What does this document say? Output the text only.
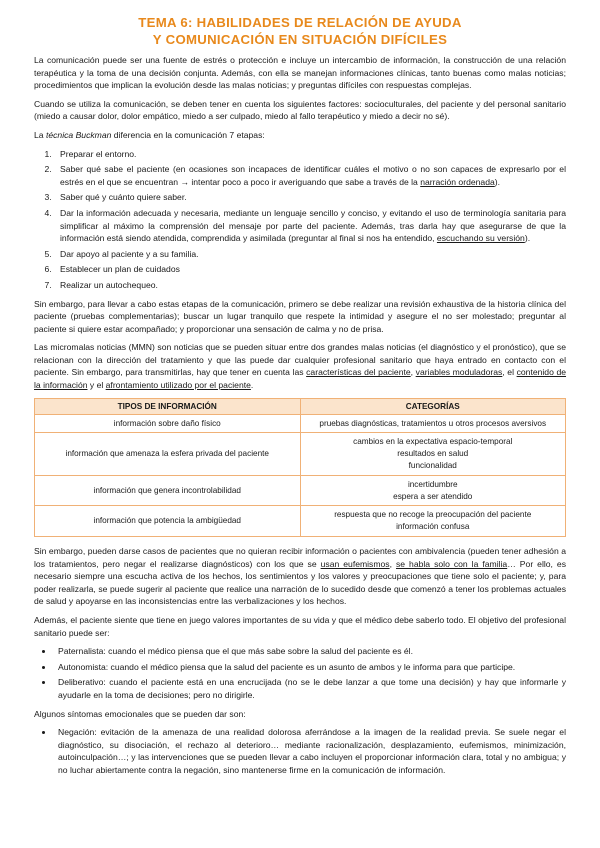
TEMA 6: HABILIDADES DE RELACIÓN DE AYUDA
Y COMUNICACIÓN EN SITUACIÓN DIFÍCILES

La comunicación puede ser una fuente de estrés o protección e incluye un intercambio de información, la construcción de una relación terapéutica y la toma de una decisión conjunta. Además, con ella se manejan informaciones clínicas, tanto buenas como malas noticias; procedimientos que implican la evolución desde las malas noticias; y preguntas difíciles con respuestas complejas.

Cuando se utiliza la comunicación, se deben tener en cuenta los siguientes factores: socioculturales, del paciente y del personal sanitario (miedo a causar dolor, dolor empático, miedo a ser culpado, miedo al fallo terapéutico y miedo a decir no sé).

La técnica Buckman diferencia en la comunicación 7 etapas:

1. Preparar el entorno.
2. Saber qué sabe el paciente (en ocasiones son incapaces de identificar cuáles el motivo o no son capaces de expresarlo por el estrés en el que se encuentran → intentar poco a poco ir averiguando que sabe a través de la narración ordenada).
3. Saber qué y cuánto quiere saber.
4. Dar la información adecuada y necesaria, mediante un lenguaje sencillo y conciso, y evitando el uso de terminología sanitaria para simplificar al máximo la comprensión del mensaje por parte del paciente. Además, tras darla hay que asegurarse de que la información está siendo atendida, comprendida y asimilada (preguntar al final si nos ha entendido, escuchando su versión).
5. Dar apoyo al paciente y a su familia.
6. Establecer un plan de cuidados
7. Realizar un autochequeo.

Sin embargo, para llevar a cabo estas etapas de la comunicación, primero se debe realizar una revisión exhaustiva de la historia clínica del paciente (pruebas complementarias); buscar un lugar tranquilo que respete la intimidad y asegure el no ser molestado; preguntar al paciente si quiere estar acompañado; y proporcionar una sensación de calma y no de prisa.

Las micromalas noticias (MMN) son noticias que se pueden situar entre dos grandes malas noticias (el diagnóstico y el pronóstico), que se relacionan con la dirección del tratamiento y que las puede dar cualquier profesional sanitario que haya entrado en contacto con el paciente. Sin embargo, para transmitirlas, hay que tener en cuenta las características del paciente, variables moduladoras, el contenido de la información y el afrontamiento utilizado por el paciente.

TIPOS DE INFORMACIÓN	CATEGORÍAS
información sobre daño físico	pruebas diagnósticas, tratamientos u otros procesos aversivos

información que amenaza la esfera privada del paciente	cambios en la expectativa espacio-temporal
resultados en salud
funcionalidad

información que genera incontrolabilidad	incertidumbre
espera a ser atendido

información que potencia la ambigüedad	respuesta que no recoge la preocupación del paciente
información confusa

Sin embargo, pueden darse casos de pacientes que no quieran recibir información o pacientes con ambivalencia (pueden tener adhesión a los tratamientos, pero negar el realizarse diagnósticos) con los que se usan eufemismos, se habla solo con la familia… Por ello, es necesario siempre una escucha activa de los hechos, los sentimientos y los valores y preocupaciones que tiene solo el paciente; y, para poder realizarla, se puede sugerir al paciente que realice una narración de lo sucedido desde que comenzó a tener los problemas actuales de salud y apoyarse en las inconsistencias entre las verbalizaciones y los hechos.

Además, el paciente siente que tiene en juego valores importantes de su vida y que el médico debe saberlo todo. El objetivo del profesional sanitario puede ser:

• Paternalista: cuando el médico piensa que el que más sabe sobre la salud del paciente es él.
• Autonomista: cuando el médico piensa que la salud del paciente es un asunto de ambos y le informa para que participe.
• Deliberativo: cuando el paciente está en una encrucijada (no se le debe lanzar a que tome una decisión) y hay que informarle y ayudarle en la toma de decisiones; pero no dirigirle.

Algunos síntomas emocionales que se pueden dar son:

• Negación: evitación de la amenaza de una realidad dolorosa aferrándose a la imagen de la realidad previa. Se suele negar el diagnóstico, su disociación, el rechazo al deterioro… mediante racionalización, desplazamiento, eufemismos, minimización, autoinculpación…; y las intervenciones que se pueden llevar a cabo incluyen el proporcionar información clara, total y no ambigua; y no luchar abiertamente contra la negación, sino mantenerse firme en la comunicación de información.
